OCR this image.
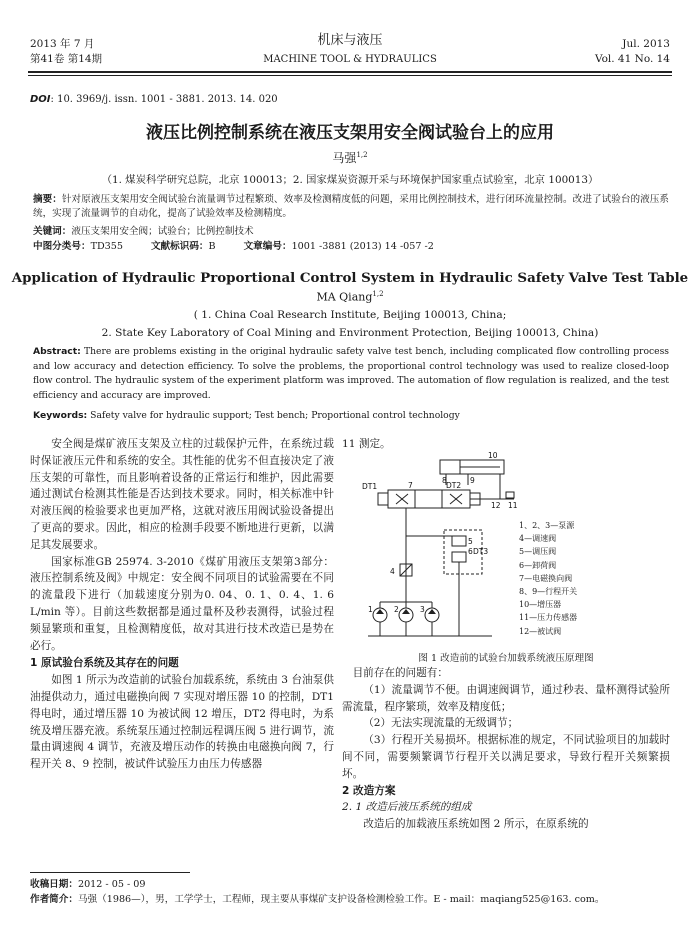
2013 年 7 月
第41卷 第14期
机床与液压
MACHINE TOOL & HYDRAULICS
Jul. 2013
Vol. 41 No. 14
DOI: 10. 3969/j. issn. 1001 - 3881. 2013. 14. 020
液压比例控制系统在液压支架用安全阀试验台上的应用
马强$^{1,2}$
（1. 煤炭科学研究总院，北京 100013；2. 国家煤炭资源开采与环境保护国家重点试验室，北京 100013）
摘要：针对原液压支架用安全阀试验台流量调节过程繁琐、效率及检测精度低的问题，采用比例控制技术，进行闭环流量控制。改进了试验台的液压系统，实现了流量调节的自动化，提高了试验效率及检测精度。
关键词：液压支架用安全阀；试验台；比例控制技术
中图分类号：TD355	文献标识码：B	文章编号：1001 -3881 (2013) 14 -057 -2
Application of Hydraulic Proportional Control System in Hydraulic Safety Valve Test Table
MA Qiang$^{1,2}$
( 1. China Coal Research Institute, Beijing 100013, China;
2. State Key Laboratory of Coal Mining and Environment Protection, Beijing 100013, China)
Abstract: There are problems existing in the original hydraulic safety valve test bench, including complicated flow controlling process and low accuracy and detection efficiency. To solve the problems, the proportional control technology was used to realize closed-loop flow control. The hydraulic system of the experiment platform was improved. The automation of flow regulation is realized, and the test efficiency and accuracy are improved.
Keywords: Safety valve for hydraulic support; Test bench; Proportional control technology

安全阀是煤矿液压支架及立柱的过载保护元件，在系统过载时保证液压元件和系统的安全。其性能的优劣不但直接决定了液压支架的可靠性，而且影响着设备的正常运行和维护，因此需要通过测试台检测其性能是否达到技术要求。同时，相关标准中针对液压阀的检验要求也更加严格，这就对液压用阀试验设备提出了更高的要求。因此，相应的检测手段要不断地进行更新，以满足其发展要求。

国家标准GB 25974. 3-2010《煤矿用液压支架第3部分：液压控制系统及阀》中规定：安全阀不同项目的试验需要在不同的流量段下进行（加载速度分别为0. 04、0. 1、0. 4、1. 6 L/min 等）。目前这些数据都是通过量杯及秒表测得，试验过程频显繁琐和重复，且检测精度低，故对其进行技术改造已是势在必行。

1 原试验台系统及其存在的问题

如图 1 所示为改造前的试验台加载系统，系统由 3 台油泵供油提供动力，通过电磁换向阀 7 实现对增压器 10 的控制，DT1 得电时，通过增压器 10 为被试阀 12 增压，DT2 得电时，为系统及增压器充液。系统泵压通过控制远程调压阀 5 进行调节，流量由调速阀 4 调节，充液及增压动作的转换由电磁换向阀 7，行程开关 8、9 控制，被试件试验压力由压力传感器

11 测定。
10
8	9
DT1	7	DT2
12 11
5
6 DT3
4
1	2	3
1、2、3—泵源
4—调速阀
5—调压阀
6—卸荷阀
7—电磁换向阀
8、9—行程开关
10—增压器
11—压力传感器
12—被试阀
图 1 改造前的试验台加载系统液压原理图

目前存在的问题有：

（1）流量调节不便。由调速阀调节，通过秒表、量杯测得试验所需流量，程序繁琐，效率及精度低；

（2）无法实现流量的无级调节；

（3）行程开关易损坏。根据标准的规定，不同试验项目的加载时间不同，需要频繁调节行程开关以满足要求，导致行程开关频繁损坏。

2 改造方案

2. 1 改造后液压系统的组成

改造后的加载液压系统如图 2 所示，在原系统的

收稿日期：2012 - 05 - 09
作者简介：马强（1986—），男，工学学士，工程师，现主要从事煤矿支护设备检测检验工作。E - mail：maqiang525@163. com。
